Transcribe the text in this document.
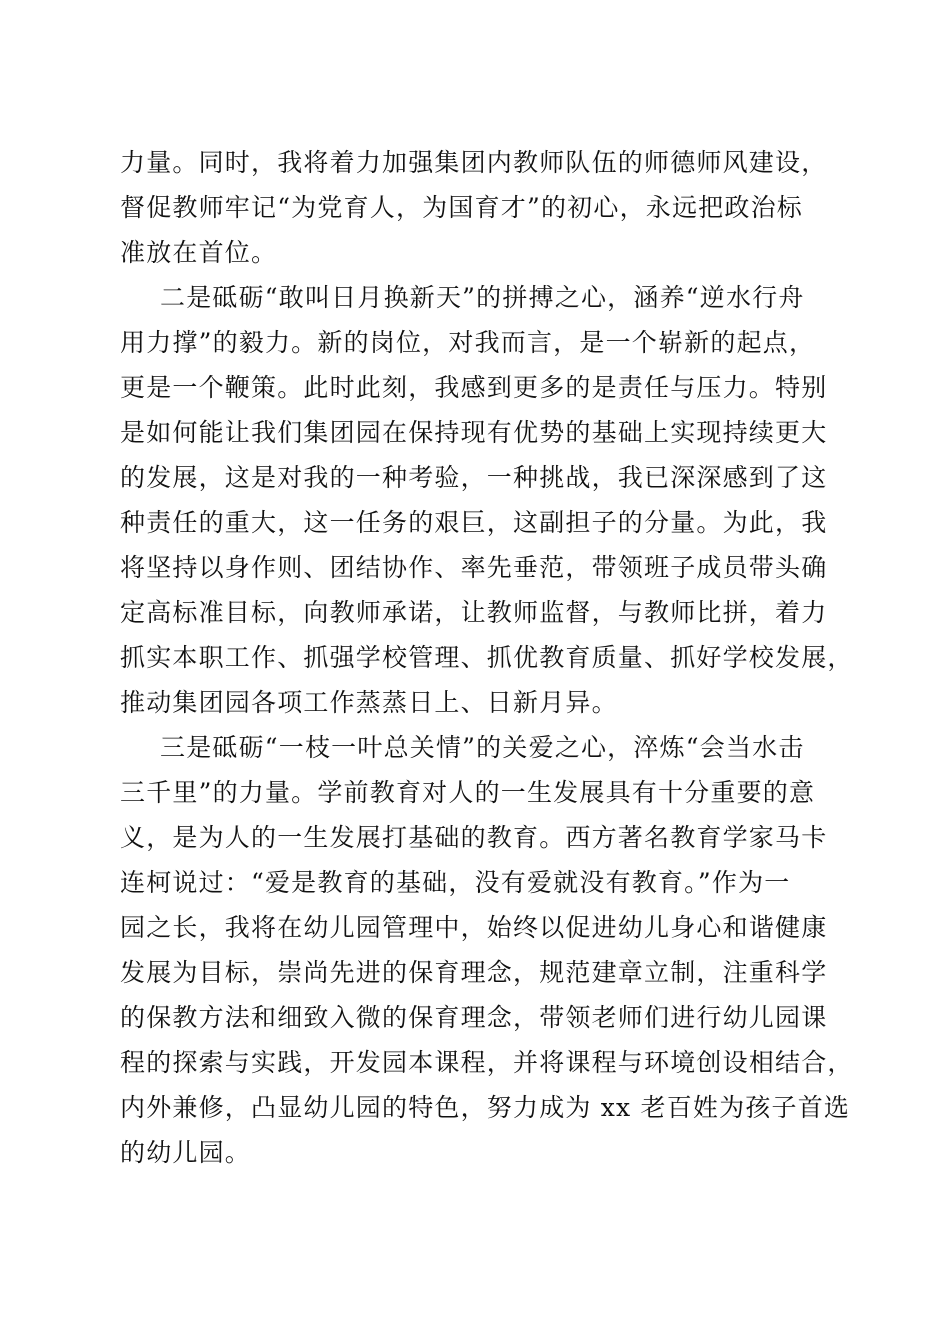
力量。同时，我将着力加强集团内教师队伍的师德师风建设，
督促教师牢记“为党育人，为国育才”的初心，永远把政治标
准放在首位。
二是砥砺“敢叫日月换新天”的拼搏之心，涵养“逆水行舟
用力撑”的毅力。新的岗位，对我而言，是一个崭新的起点，
更是一个鞭策。此时此刻，我感到更多的是责任与压力。特别
是如何能让我们集团园在保持现有优势的基础上实现持续更大
的发展，这是对我的一种考验，一种挑战，我已深深感到了这
种责任的重大，这一任务的艰巨，这副担子的分量。为此，我
将坚持以身作则、团结协作、率先垂范，带领班子成员带头确
定高标准目标，向教师承诺，让教师监督，与教师比拼，着力
抓实本职工作、抓强学校管理、抓优教育质量、抓好学校发展，
推动集团园各项工作蒸蒸日上、日新月异。
三是砥砺“一枝一叶总关情”的关爱之心，淬炼“会当水击
三千里”的力量。学前教育对人的一生发展具有十分重要的意
义，是为人的一生发展打基础的教育。西方著名教育学家马卡
连柯说过：“爱是教育的基础，没有爱就没有教育。”作为一
园之长，我将在幼儿园管理中，始终以促进幼儿身心和谐健康
发展为目标，崇尚先进的保育理念，规范建章立制，注重科学
的保教方法和细致入微的保育理念，带领老师们进行幼儿园课
程的探索与实践，开发园本课程，并将课程与环境创设相结合，
内外兼修，凸显幼儿园的特色，努力成为 xx 老百姓为孩子首选
的幼儿园。
